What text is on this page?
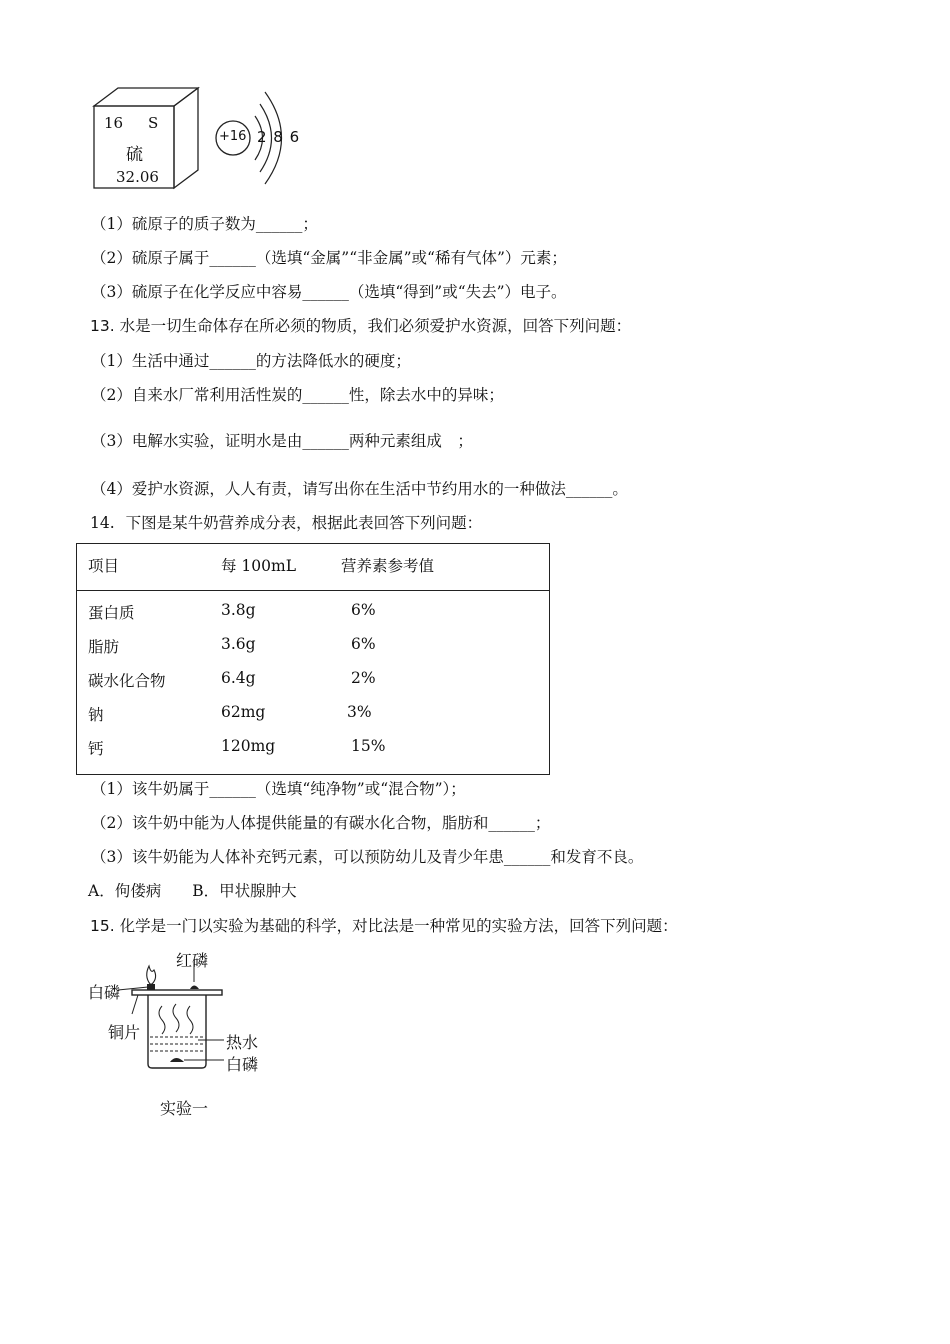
16 S
硫
32.06
+16 2 8 6
（1）硫原子的质子数为______；
（2）硫原子属于______（选填“金属”“非金属”或“稀有气体”）元素；
（3）硫原子在化学反应中容易______（选填“得到”或“失去”）电子。
13. 水是一切生命体存在所必须的物质，我们必须爱护水资源，回答下列问题：
（1）生活中通过______的方法降低水的硬度；
（2）自来水厂常利用活性炭的______性，除去水中的异味；
（3）电解水实验，证明水是由______两种元素组成　；
（4）爱护水资源，人人有责，请写出你在生活中节约用水的一种做法______。
14. 下图是某牛奶营养成分表，根据此表回答下列问题：
项目	每 100mL	营养素参考值
蛋白质	3.8g	6%
脂肪	3.6g	6%
碳水化合物	6.4g	2%
钠	62mg	3%
钙	120mg	15%
（1）该牛奶属于______（选填“纯净物”或“混合物”）；
（2）该牛奶中能为人体提供能量的有碳水化合物，脂肪和______；
（3）该牛奶能为人体补充钙元素，可以预防幼儿及青少年患______和发育不良。
A．佝偻病　　B．甲状腺肿大
15. 化学是一门以实验为基础的科学，对比法是一种常见的实验方法，回答下列问题：
红磷
白磷
铜片
热水
白磷
实验一
